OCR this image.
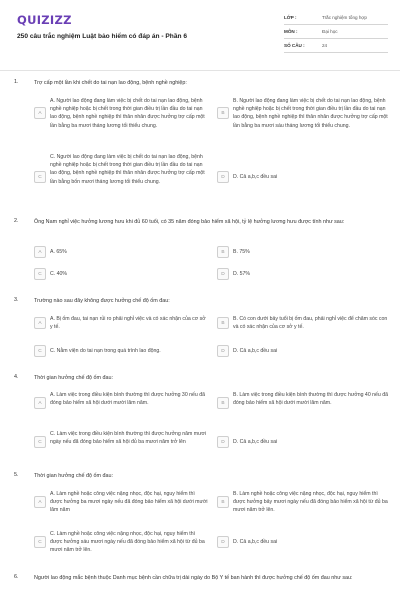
QUIZIZZ
250 câu trắc nghiệm Luật bảo hiểm có đáp án - Phần 6
LỚP :	Trắc nghiệm tổng hợp
MÔN :	Đại học
SỐ CÂU :	24
1.	Trợ cấp một lần khi chết do tai nạn lao động, bệnh nghề nghiệp:
A
A. Người lao động đang làm việc bị chết do tai nạn lao động, bệnh nghề nghiệp hoặc bị chết trong thời gian điều trị lần đầu do tai nạn lao động, bệnh nghề nghiệp thì thân nhân được hưởng trợ cấp một lần bằng ba mươi tháng lương tối thiểu chung.
B
B. Người lao động đang làm việc bị chết do tai nạn lao động, bệnh nghề nghiệp hoặc bị chết trong thời gian điều trị lần đầu do tai nạn lao động, bệnh nghề nghiệp thì thân nhân được hưởng trợ cấp một lần bằng ba mươi sáu tháng lương tối thiểu chung.
C
C. Người lao động đang làm việc bị chết do tai nạn lao động, bệnh nghề nghiệp hoặc bị chết trong thời gian điều trị lần đầu do tai nạn lao động, bệnh nghề nghiệp thì thân nhân được hưởng trợ cấp một lần bằng bốn mươi tháng lương tối thiểu chung.
D	D. Cả a,b,c đều sai
2.	Ông Nam nghỉ việc hưởng lương hưu khi đủ 60 tuổi, có 35 năm đóng bảo hiểm xã hội, tỷ lệ hưởng lương hưu được tính như sau:
A	A. 65%	B	B. 75%
C	C. 40%	D	D. 57%
3.	Trường nào sau đây không được hưởng chế độ ốm đau:
A
A. Bị ốm đau, tai nạn rủi ro phải nghỉ việc và có xác nhận của cơ sở y tế.
B
B. Có con dưới bảy tuổi bị ốm đau, phải nghỉ việc để chăm sóc con và có xác nhận của cơ sở y tế.
C	C. Nằm viện do tai nạn trong quá trình lao động.	D	D. Cả a,b,c đều sai
4.	Thời gian hưởng chế độ ốm đau:
A
A. Làm việc trong điều kiện bình thường thì được hưởng 30 nếu đã đóng bảo hiểm xã hội dưới mười lăm năm.	B
B. Làm việc trong điều kiện bình thường thì được hưởng 40 nếu đã đóng bảo hiểm xã hội dưới mười lăm năm.
C
C. Làm việc trong điều kiện bình thường thì được hưởng năm mươi ngày nếu đã đóng bảo hiểm xã hội đủ ba mươi năm trở lên	D	D. Cả a,b,c đều sai
5.	Thời gian hưởng chế độ ốm đau:
A
A. Làm nghề hoặc công việc nặng nhọc, độc hại, nguy hiểm thì được hưởng ba mươi ngày nếu đã đóng bảo hiểm xã hội dưới mười lăm năm
B
B. Làm nghề hoặc công việc nặng nhọc, độc hại, nguy hiểm thì được hưởng bảy mươi ngày nếu đã đóng bảo hiểm xã hội từ đủ ba mươi năm trở lên.
C
C. Làm nghề hoặc công việc nặng nhọc, độc hại, nguy hiểm thì được hưởng sáu mươi ngày nếu đã đóng bảo hiểm xã hội từ đủ ba mươi năm trở lên.
D	D. Cả a,b,c đều sai
6.	Người lao động mắc bệnh thuộc Danh mục bệnh cần chữa trị dài ngày do Bộ Y tế ban hành thì được hưởng chế độ ốm đau như sau:
